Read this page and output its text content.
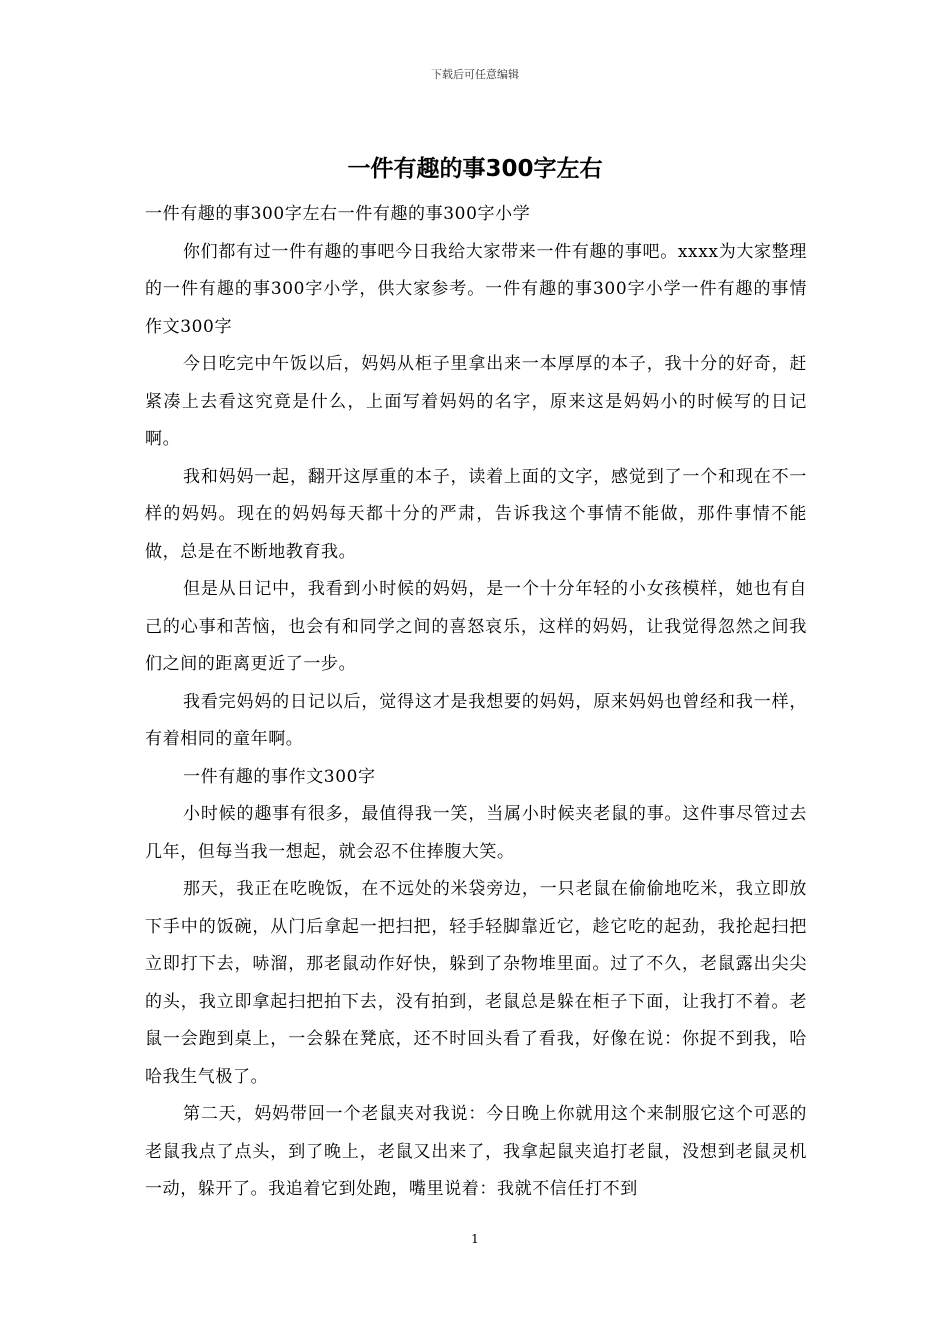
下载后可任意编辑
一件有趣的事300字左右

一件有趣的事300字左右一件有趣的事300字小学

你们都有过一件有趣的事吧今日我给大家带来一件有趣的事吧。xxxx为大家整理的一件有趣的事300字小学，供大家参考。一件有趣的事300字小学一件有趣的事情作文300字

今日吃完中午饭以后，妈妈从柜子里拿出来一本厚厚的本子，我十分的好奇，赶紧凑上去看这究竟是什么，上面写着妈妈的名字，原来这是妈妈小的时候写的日记啊。

我和妈妈一起，翻开这厚重的本子，读着上面的文字，感觉到了一个和现在不一样的妈妈。现在的妈妈每天都十分的严肃，告诉我这个事情不能做，那件事情不能做，总是在不断地教育我。

但是从日记中，我看到小时候的妈妈，是一个十分年轻的小女孩模样，她也有自己的心事和苦恼，也会有和同学之间的喜怒哀乐，这样的妈妈，让我觉得忽然之间我们之间的距离更近了一步。

我看完妈妈的日记以后，觉得这才是我想要的妈妈，原来妈妈也曾经和我一样，有着相同的童年啊。

一件有趣的事作文300字

小时候的趣事有很多，最值得我一笑，当属小时候夹老鼠的事。这件事尽管过去几年，但每当我一想起，就会忍不住捧腹大笑。

那天，我正在吃晚饭，在不远处的米袋旁边，一只老鼠在偷偷地吃米，我立即放下手中的饭碗，从门后拿起一把扫把，轻手轻脚靠近它，趁它吃的起劲，我抡起扫把立即打下去，哧溜，那老鼠动作好快，躲到了杂物堆里面。过了不久，老鼠露出尖尖的头，我立即拿起扫把拍下去，没有拍到，老鼠总是躲在柜子下面，让我打不着。老鼠一会跑到桌上，一会躲在凳底，还不时回头看了看我，好像在说：你捉不到我，哈哈我生气极了。

第二天，妈妈带回一个老鼠夹对我说：今日晚上你就用这个来制服它这个可恶的老鼠我点了点头，到了晚上，老鼠又出来了，我拿起鼠夹追打老鼠，没想到老鼠灵机一动，躲开了。我追着它到处跑，嘴里说着：我就不信任打不到

1
